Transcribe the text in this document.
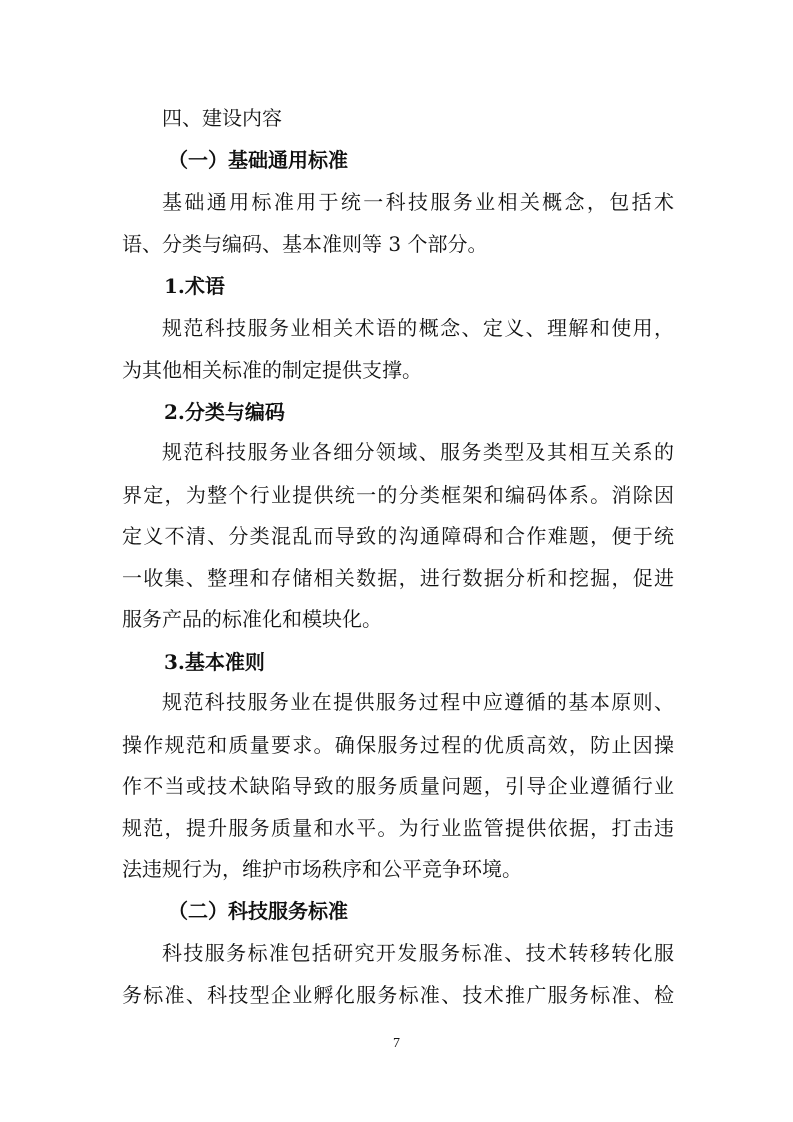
四、建设内容
（一）基础通用标准
基础通用标准用于统一科技服务业相关概念，包括术
语、分类与编码、基本准则等 3 个部分。
1.术语
规范科技服务业相关术语的概念、定义、理解和使用，
为其他相关标准的制定提供支撑。
2.分类与编码
规范科技服务业各细分领域、服务类型及其相互关系的
界定，为整个行业提供统一的分类框架和编码体系。消除因
定义不清、分类混乱而导致的沟通障碍和合作难题，便于统
一收集、整理和存储相关数据，进行数据分析和挖掘，促进
服务产品的标准化和模块化。
3.基本准则
规范科技服务业在提供服务过程中应遵循的基本原则、
操作规范和质量要求。确保服务过程的优质高效，防止因操
作不当或技术缺陷导致的服务质量问题，引导企业遵循行业
规范，提升服务质量和水平。为行业监管提供依据，打击违
法违规行为，维护市场秩序和公平竞争环境。
（二）科技服务标准
科技服务标准包括研究开发服务标准、技术转移转化服
务标准、科技型企业孵化服务标准、技术推广服务标准、检
7
